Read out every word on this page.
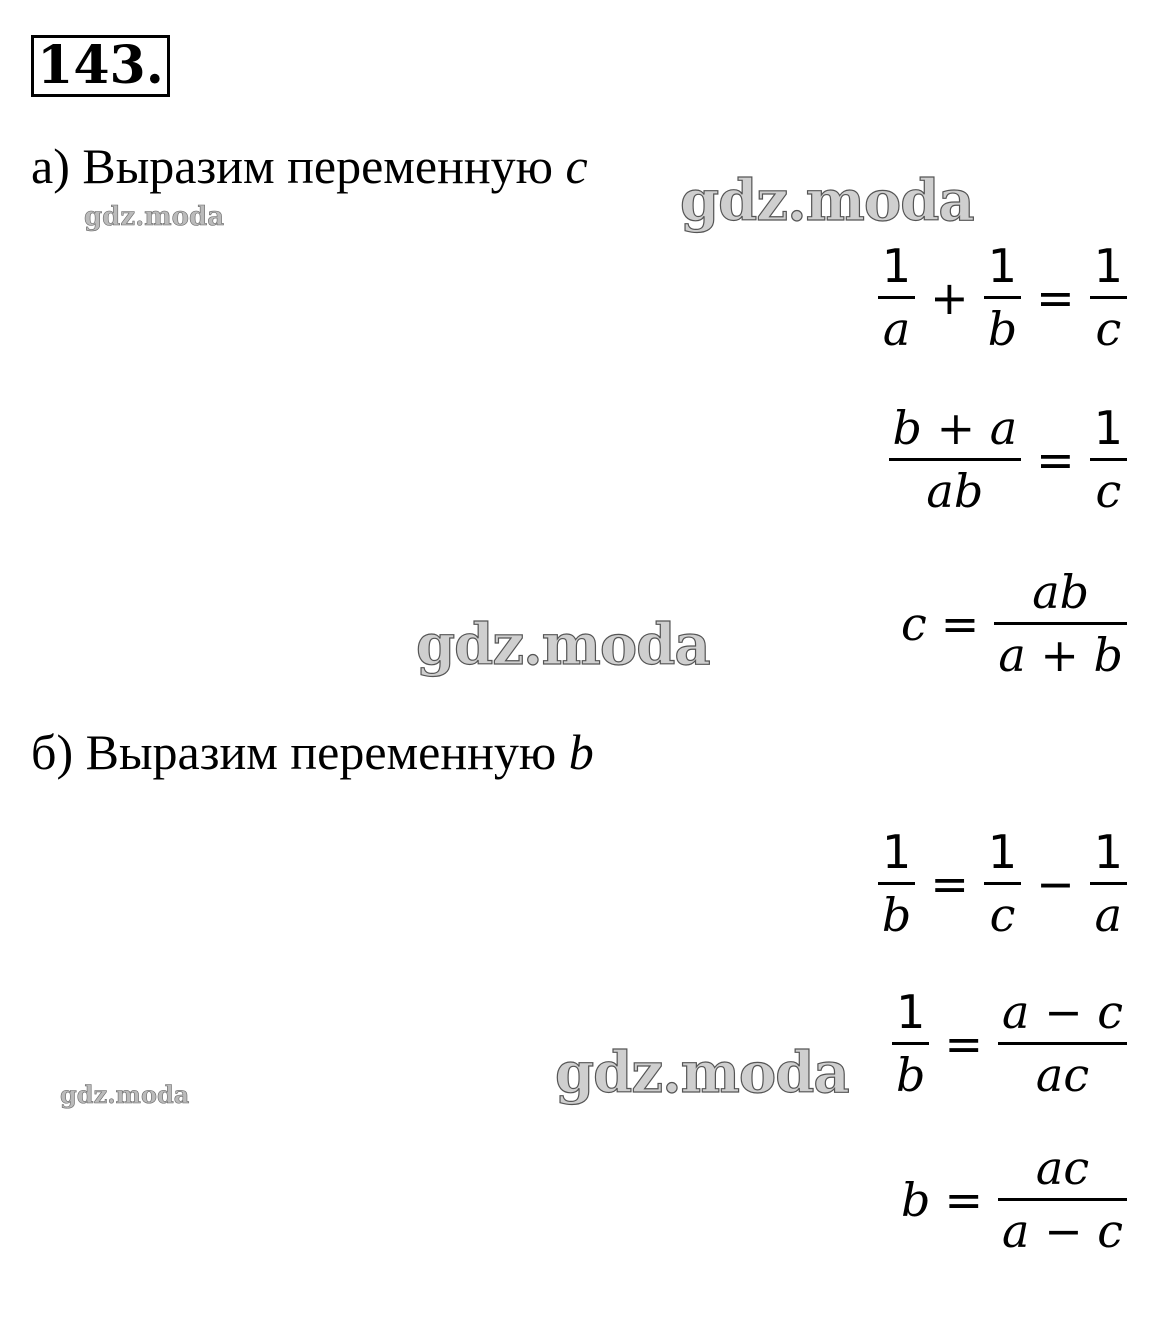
143.
а) Выразим переменную c
$\frac{1}{a} + \frac{1}{b} = \frac{1}{c}$
$\frac{b + a}{ab} = \frac{1}{c}$
$c = \frac{ab}{a + b}$
б) Выразим переменную b
$\frac{1}{b} = \frac{1}{c} - \frac{1}{a}$
$\frac{1}{b} = \frac{a - c}{ac}$
$b = \frac{ac}{a - c}$
gdz.moda
gdz.moda
gdz.moda
gdz.moda
gdz.moda
